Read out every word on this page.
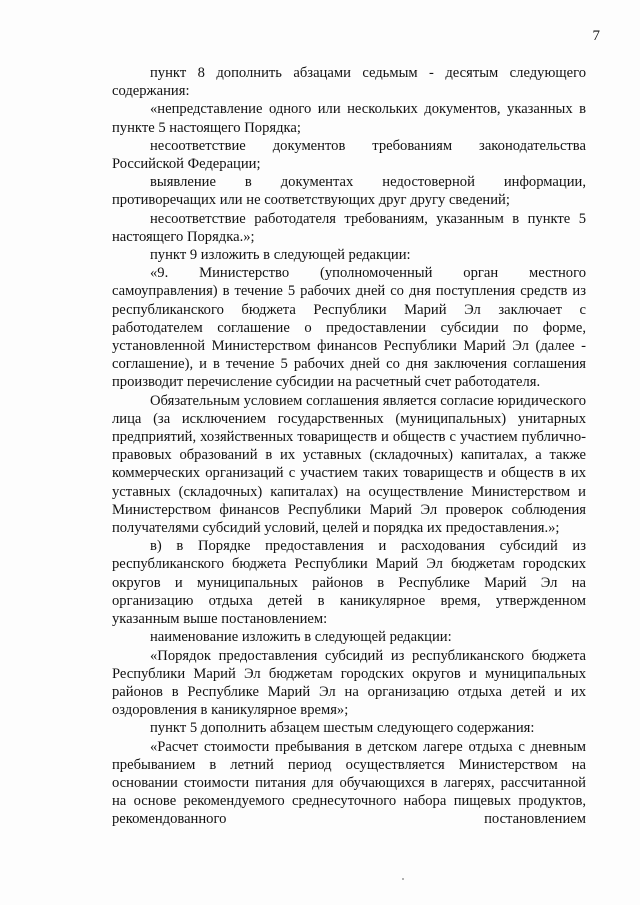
7

пункт 8 дополнить абзацами седьмым - десятым следующего содержания:

«непредставление одного или нескольких документов, указанных в пункте 5 настоящего Порядка;

несоответствие документов требованиям законодательства Российской Федерации;

выявление в документах недостоверной информации, противоречащих или не соответствующих друг другу сведений;

несоответствие работодателя требованиям, указанным в пункте 5 настоящего Порядка.»;

пункт 9 изложить в следующей редакции:

«9. Министерство (уполномоченный орган местного самоуправления) в течение 5 рабочих дней со дня поступления средств из республиканского бюджета Республики Марий Эл заключает с работодателем соглашение о предоставлении субсидии по форме, установленной Министерством финансов Республики Марий Эл (далее - соглашение), и в течение 5 рабочих дней со дня заключения соглашения производит перечисление субсидии на расчетный счет работодателя.

Обязательным условием соглашения является согласие юридического лица (за исключением государственных (муниципальных) унитарных предприятий, хозяйственных товариществ и обществ с участием публично-правовых образований в их уставных (складочных) капиталах, а также коммерческих организаций с участием таких товариществ и обществ в их уставных (складочных) капиталах) на осуществление Министерством и Министерством финансов Республики Марий Эл проверок соблюдения получателями субсидий условий, целей и порядка их предоставления.»;

в) в Порядке предоставления и расходования субсидий из республиканского бюджета Республики Марий Эл бюджетам городских округов и муниципальных районов в Республике Марий Эл на организацию отдыха детей в каникулярное время, утвержденном указанным выше постановлением:

наименование изложить в следующей редакции:

«Порядок предоставления субсидий из республиканского бюджета Республики Марий Эл бюджетам городских округов и муниципальных районов в Республике Марий Эл на организацию отдыха детей и их оздоровления в каникулярное время»;

пункт 5 дополнить абзацем шестым следующего содержания:

«Расчет стоимости пребывания в детском лагере отдыха с дневным пребыванием в летний период осуществляется Министерством на основании стоимости питания для обучающихся в лагерях, рассчитанной на основе рекомендуемого среднесуточного набора пищевых продуктов, рекомендованного постановлением
